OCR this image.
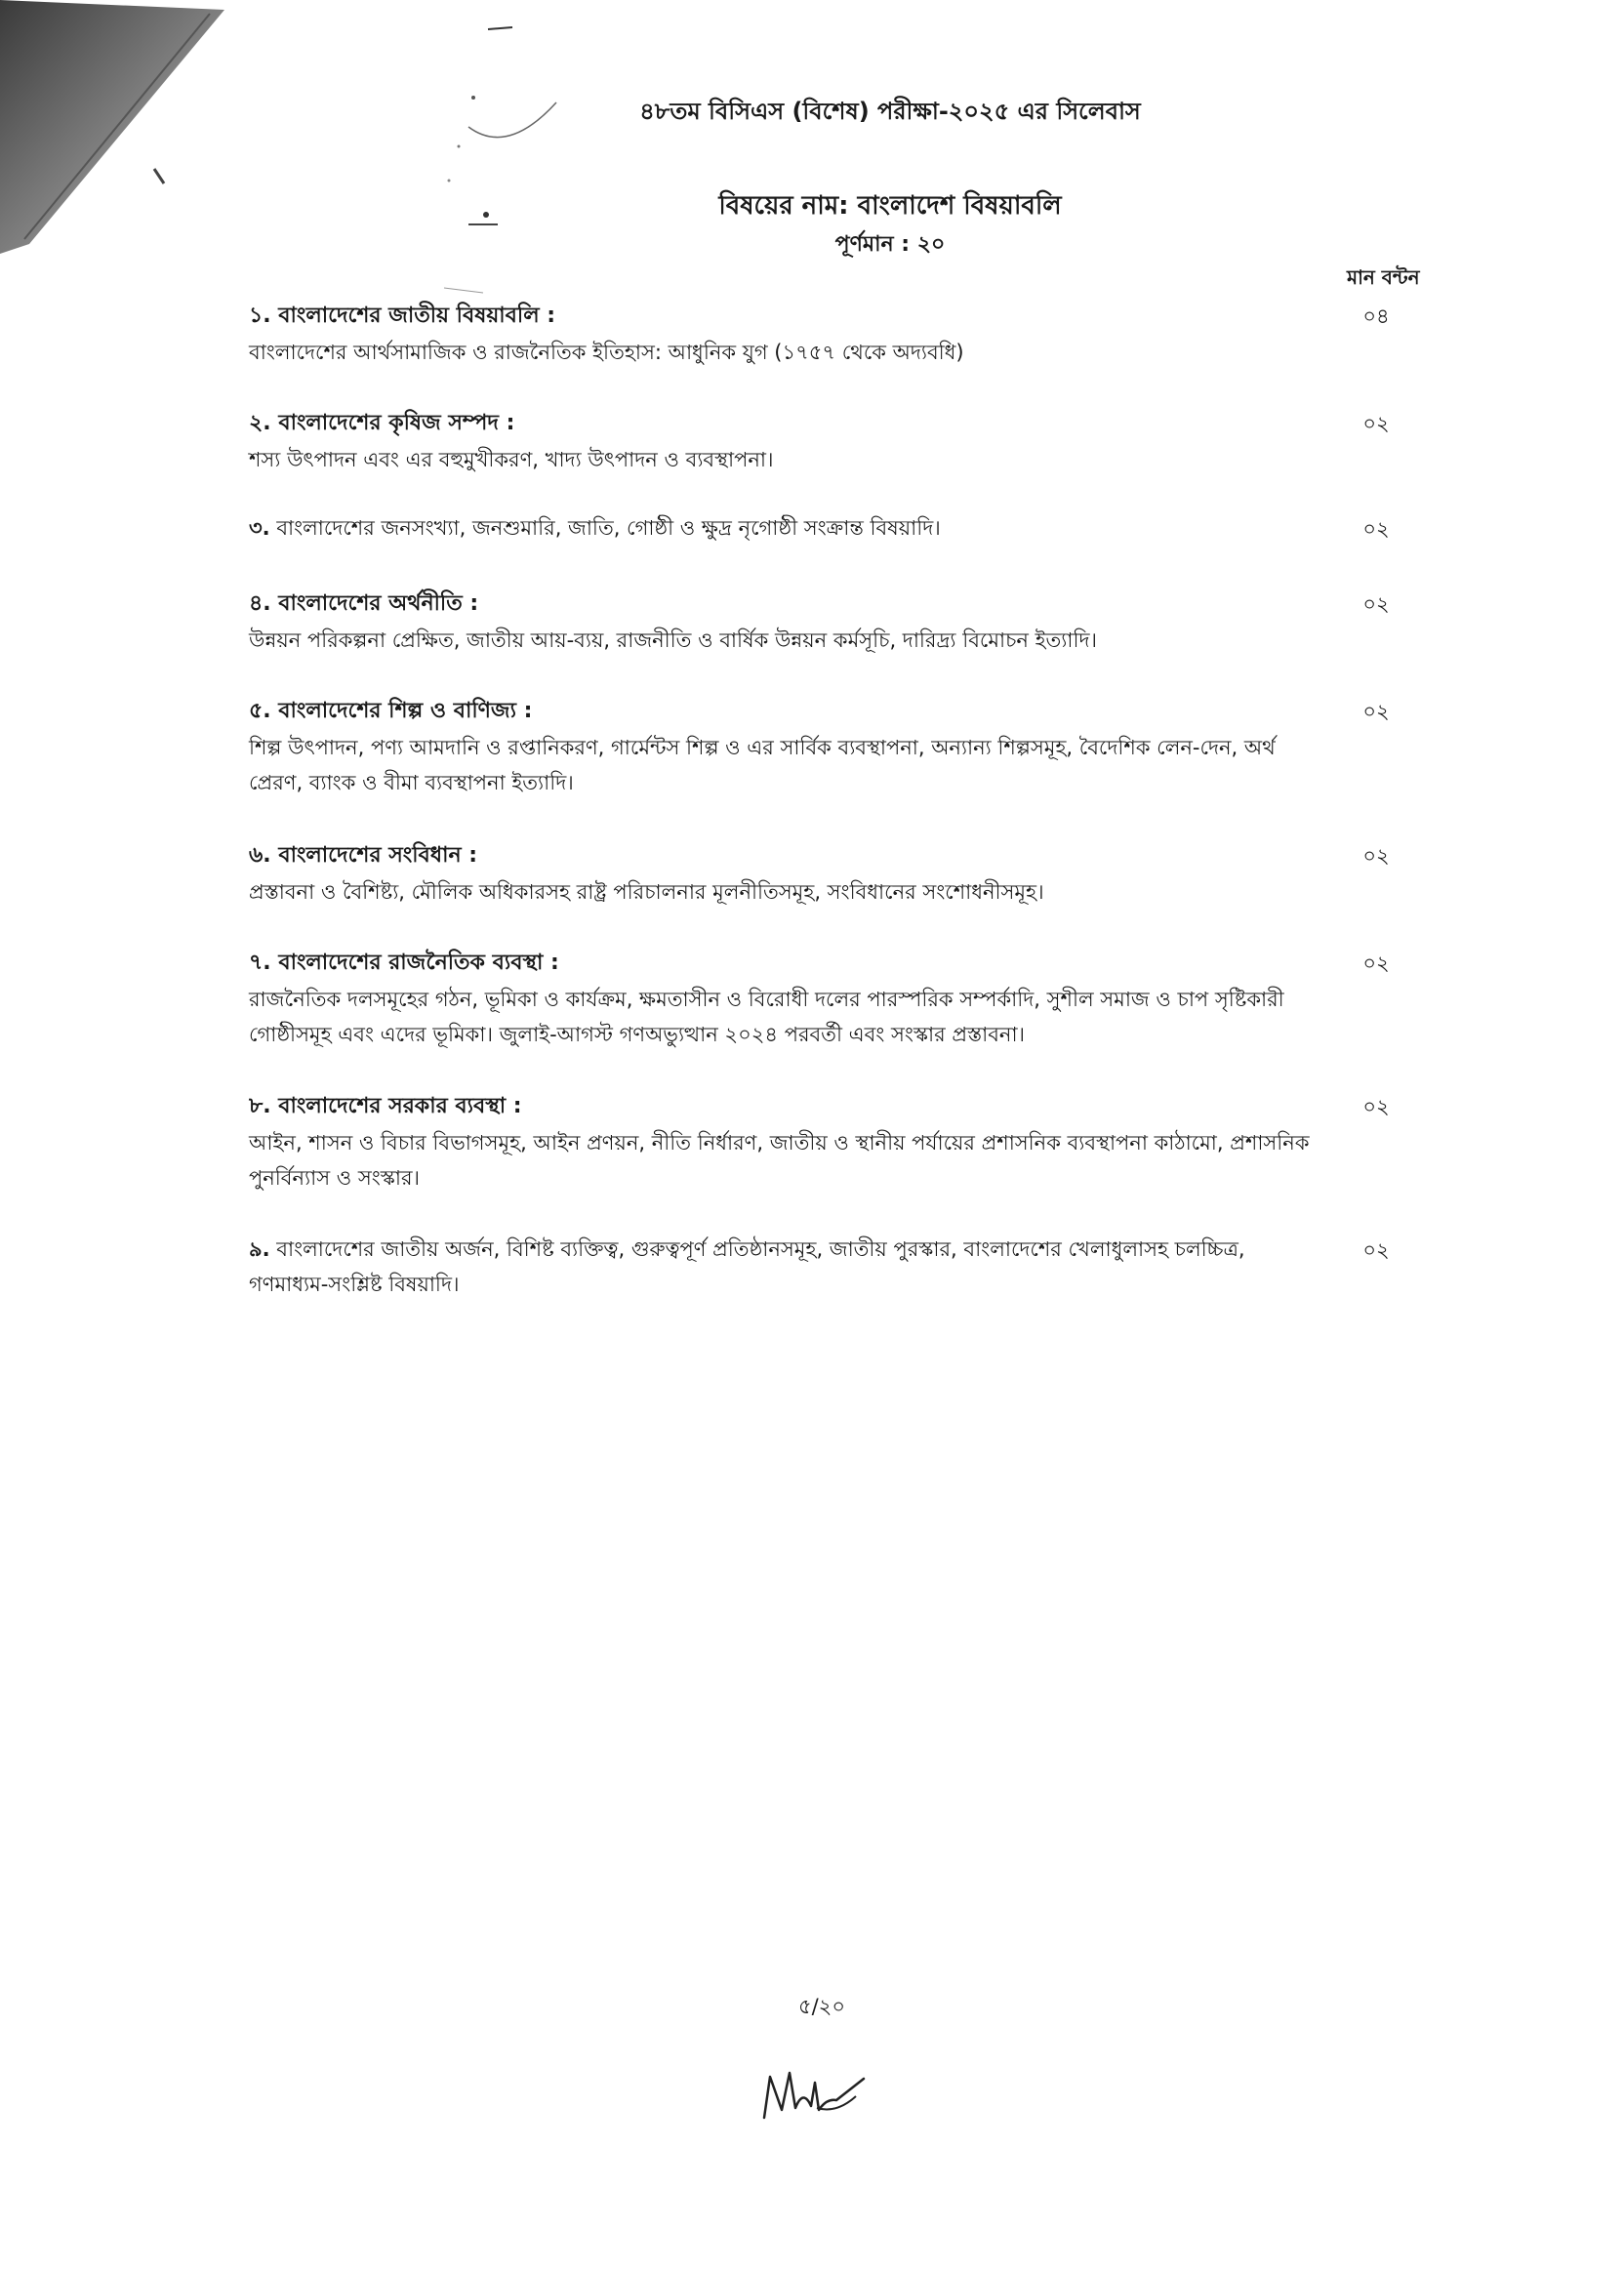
৪৮তম বিসিএস (বিশেষ) পরীক্ষা-২০২৫ এর সিলেবাস
বিষয়ের নাম: বাংলাদেশ বিষয়াবলি
পূর্ণমান : ২০
মান বন্টন
১. বাংলাদেশের জাতীয় বিষয়াবলি :
বাংলাদেশের আর্থসামাজিক ও রাজনৈতিক ইতিহাস: আধুনিক যুগ (১৭৫৭ থেকে অদ্যবধি)
০৪
২. বাংলাদেশের কৃষিজ সম্পদ :
শস্য উৎপাদন এবং এর বহুমুখীকরণ, খাদ্য উৎপাদন ও ব্যবস্থাপনা।
০২
৩. বাংলাদেশের জনসংখ্যা, জনশুমারি, জাতি, গোষ্ঠী ও ক্ষুদ্র নৃগোষ্ঠী সংক্রান্ত বিষয়াদি।	০২
৪. বাংলাদেশের অর্থনীতি :
উন্নয়ন পরিকল্পনা প্রেক্ষিত, জাতীয় আয়-ব্যয়, রাজনীতি ও বার্ষিক উন্নয়ন কর্মসূচি, দারিদ্র্য বিমোচন ইত্যাদি।
০২
৫. বাংলাদেশের শিল্প ও বাণিজ্য :
শিল্প উৎপাদন, পণ্য আমদানি ও রপ্তানিকরণ, গার্মেন্টস শিল্প ও এর সার্বিক ব্যবস্থাপনা, অন্যান্য শিল্পসমূহ, বৈদেশিক লেন-দেন, অর্থ প্রেরণ, ব্যাংক ও বীমা ব্যবস্থাপনা ইত্যাদি।
০২
৬. বাংলাদেশের সংবিধান :
প্রস্তাবনা ও বৈশিষ্ট্য, মৌলিক অধিকারসহ রাষ্ট্র পরিচালনার মূলনীতিসমূহ, সংবিধানের সংশোধনীসমূহ।
০২
৭. বাংলাদেশের রাজনৈতিক ব্যবস্থা :
রাজনৈতিক দলসমূহের গঠন, ভূমিকা ও কার্যক্রম, ক্ষমতাসীন ও বিরোধী দলের পারস্পরিক সম্পর্কাদি, সুশীল সমাজ ও চাপ সৃষ্টিকারী গোষ্ঠীসমূহ এবং এদের ভূমিকা। জুলাই-আগস্ট গণঅভ্যুত্থান ২০২৪ পরবর্তী এবং সংস্কার প্রস্তাবনা।
০২
৮. বাংলাদেশের সরকার ব্যবস্থা :
আইন, শাসন ও বিচার বিভাগসমূহ, আইন প্রণয়ন, নীতি নির্ধারণ, জাতীয় ও স্থানীয় পর্যায়ের প্রশাসনিক ব্যবস্থাপনা কাঠামো, প্রশাসনিক পুনর্বিন্যাস ও সংস্কার।
০২
৯. বাংলাদেশের জাতীয় অর্জন, বিশিষ্ট ব্যক্তিত্ব, গুরুত্বপূর্ণ প্রতিষ্ঠানসমূহ, জাতীয় পুরস্কার, বাংলাদেশের খেলাধুলাসহ চলচ্চিত্র, গণমাধ্যম-সংশ্লিষ্ট বিষয়াদি।
০২
৫/২০
